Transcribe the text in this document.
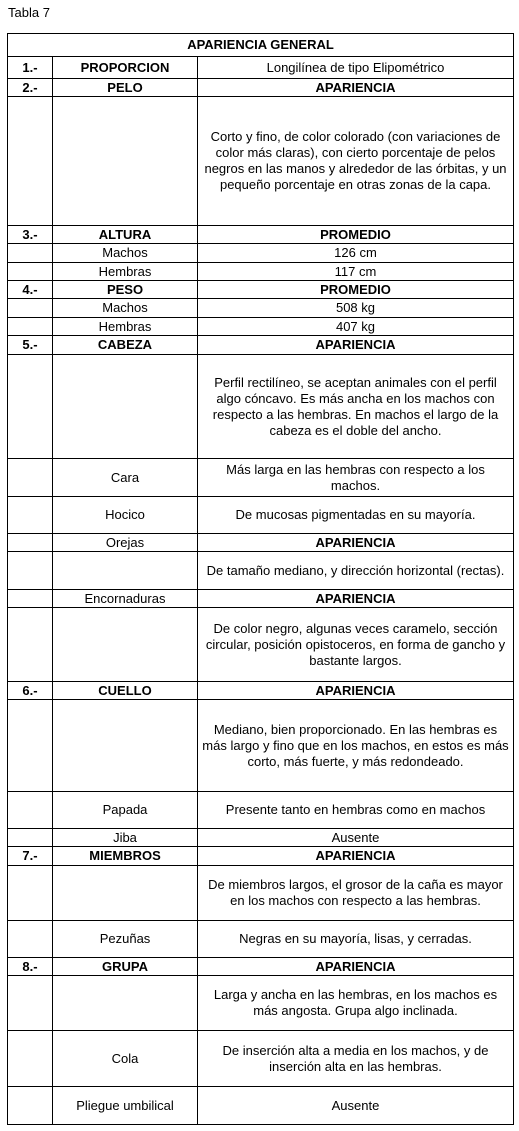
Tabla 7
APARIENCIA GENERAL		
1.-	PROPORCION	Longilínea de tipo Elipométrico
2.-	PELO	APARIENCIA
		Corto y fino, de color colorado (con variaciones de color más claras), con cierto porcentaje de pelos negros en las manos y alrededor de las órbitas, y un pequeño porcentaje en otras zonas de la capa.
3.-	ALTURA	PROMEDIO
	Machos	126 cm
	Hembras	117 cm
4.-	PESO	PROMEDIO
	Machos	508 kg
	Hembras	407 kg
5.-	CABEZA	APARIENCIA
		Perfil rectilíneo, se aceptan animales con el perfil algo cóncavo. Es más ancha en los machos con respecto a las hembras. En machos el largo de la cabeza es el doble del ancho.
	Cara	Más larga en las hembras con respecto a los machos.
	Hocico	De mucosas pigmentadas en su mayoría.
	Orejas	APARIENCIA
		De tamaño mediano, y dirección horizontal (rectas).
	Encornaduras	APARIENCIA
		De color negro, algunas veces caramelo, sección circular, posición opistoceros, en forma de gancho y bastante largos.
6.-	CUELLO	APARIENCIA
		Mediano, bien proporcionado. En las hembras es más largo y fino que en los machos, en estos es más corto, más fuerte, y más redondeado.
	Papada	Presente tanto en hembras como en machos
	Jiba	Ausente
7.-	MIEMBROS	APARIENCIA
		De miembros largos, el grosor de la caña es mayor en los machos con respecto a las hembras.
	Pezuñas	Negras en su mayoría, lisas, y cerradas.
8.-	GRUPA	APARIENCIA
		Larga y ancha en las hembras, en los machos es más angosta. Grupa algo inclinada.
	Cola	De inserción alta a media en los machos, y de inserción alta en las hembras.
	Pliegue umbilical	Ausente
